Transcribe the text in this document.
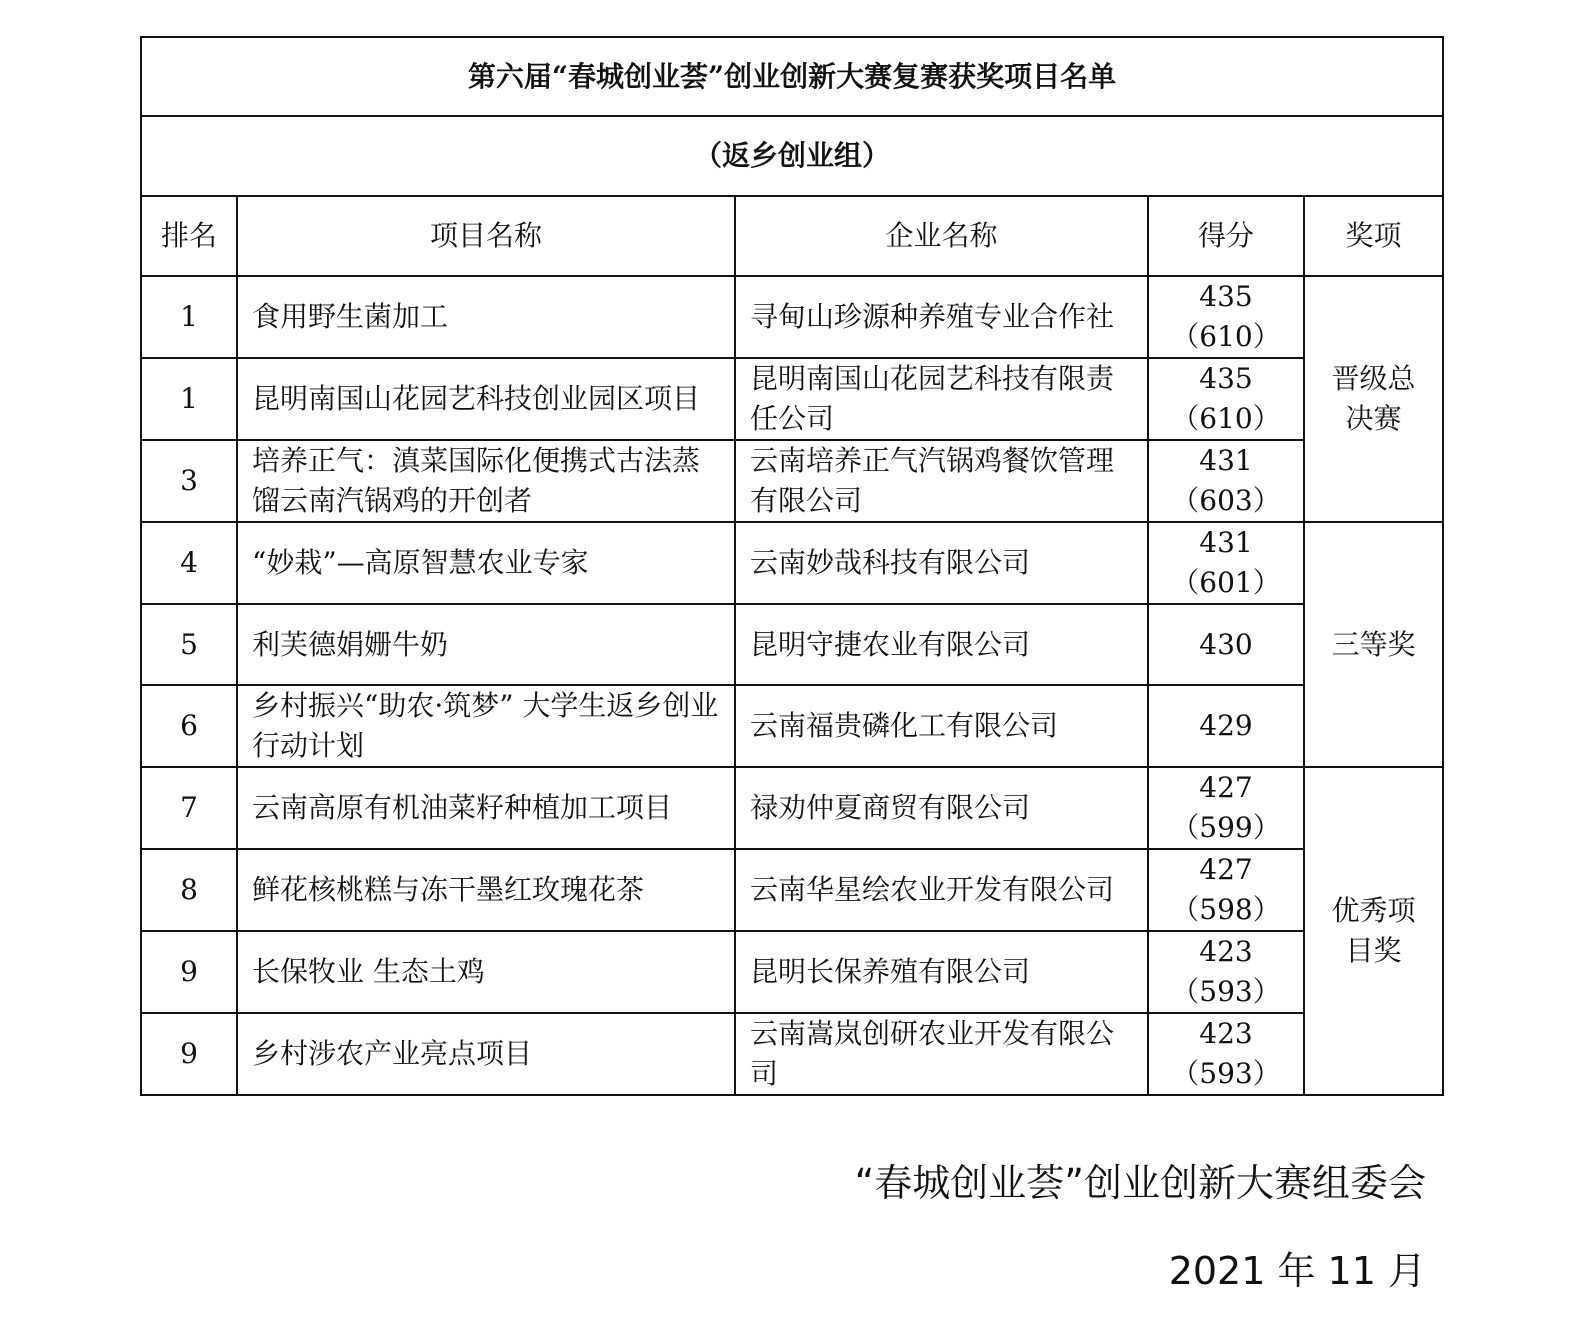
第六届“春城创业荟”创业创新大赛复赛获奖项目名单				
（返乡创业组）				
排名	项目名称	企业名称	得分	奖项
1	食用野生菌加工	寻甸山珍源种养殖专业合作社	435（610）	晋级总决赛
1	昆明南国山花园艺科技创业园区项目	昆明南国山花园艺科技有限责任公司	435（610）	
3	培养正气：滇菜国际化便携式古法蒸馏云南汽锅鸡的开创者	云南培养正气汽锅鸡餐饮管理有限公司	431（603）	
4	“妙栽”—高原智慧农业专家	云南妙哉科技有限公司	431（601）	三等奖
5	利芙德娟姗牛奶	昆明守捷农业有限公司	430	
6	乡村振兴“助农·筑梦” 大学生返乡创业行动计划	云南福贵磷化工有限公司	429	
7	云南高原有机油菜籽种植加工项目	禄劝仲夏商贸有限公司	427（599）	优秀项目奖
8	鲜花核桃糕与冻干墨红玫瑰花茶	云南华星绘农业开发有限公司	427（598）	
9	长保牧业 生态土鸡	昆明长保养殖有限公司	423（593）	
9	乡村涉农产业亮点项目	云南嵩岚创研农业开发有限公司	423（593）	
“春城创业荟”创业创新大赛组委会
2021 年 11 月
